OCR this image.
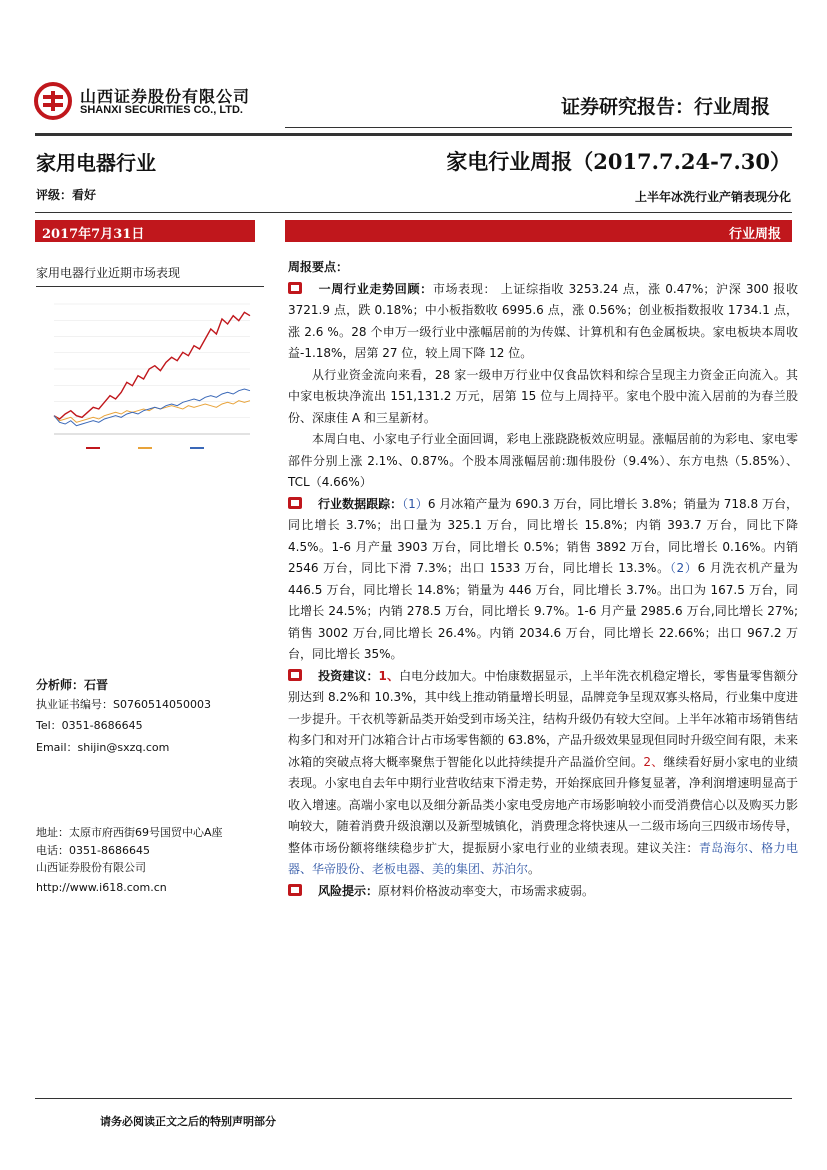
山西证券股份有限公司
SHANXI SECURITIES CO., LTD.	证券研究报告：行业周报
家用电器行业	家电行业周报（2017.7.24-7.30）
评级：看好	上半年冰洗行业产销表现分化
2017年7月31日	行业周报
家用电器行业近期市场表现
分析师：石晋
执业证书编号：S0760514050003
Tel：0351-8686645
Email：shijin@sxzq.com
地址：太原市府西街69号国贸中心A座
电话：0351-8686645
山西证券股份有限公司
http://www.i618.com.cn

周报要点：

一周行业走势回顾：市场表现： 上证综指收 3253.24 点，涨 0.47%；沪深 300 报收 3721.9 点，跌 0.18%；中小板指数收 6995.6 点，涨 0.56%；创业板指数报收 1734.1 点，涨 2.6 %。28 个申万一级行业中涨幅居前的为传媒、计算机和有色金属板块。家电板块本周收益-1.18%，居第 27 位，较上周下降 12 位。

从行业资金流向来看，28 家一级申万行业中仅食品饮料和综合呈现主力资金正向流入。其中家电板块净流出 151,131.2 万元，居第 15 位与上周持平。家电个股中流入居前的为春兰股份、深康佳 A 和三星新材。

本周白电、小家电子行业全面回调，彩电上涨跷跷板效应明显。涨幅居前的为彩电、家电零部件分别上涨 2.1%、0.87%。个股本周涨幅居前:珈伟股份（9.4%）、东方电热（5.85%）、TCL（4.66%）

行业数据跟踪：（1）6 月冰箱产量为 690.3 万台，同比增长 3.8%；销量为 718.8 万台，同比增长 3.7%；出口量为 325.1 万台，同比增长 15.8%；内销 393.7 万台，同比下降 4.5%。1-6 月产量 3903 万台，同比增长 0.5%；销售 3892 万台，同比增长 0.16%。内销 2546 万台，同比下滑 7.3%；出口 1533 万台，同比增长 13.3%。（2）6 月洗衣机产量为 446.5 万台，同比增长 14.8%；销量为 446 万台，同比增长 3.7%。出口为 167.5 万台，同比增长 24.5%；内销 278.5 万台，同比增长 9.7%。1-6 月产量 2985.6 万台,同比增长 27%;销售 3002 万台,同比增长 26.4%。内销 2034.6 万台，同比增长 22.66%；出口 967.2 万台，同比增长 35%。

投资建议：1、白电分歧加大。中怡康数据显示，上半年洗衣机稳定增长，零售量零售额分别达到 8.2%和 10.3%，其中线上推动销量增长明显，品牌竞争呈现双寡头格局，行业集中度进一步提升。干衣机等新品类开始受到市场关注，结构升级仍有较大空间。上半年冰箱市场销售结构多门和对开门冰箱合计占市场零售额的 63.8%，产品升级效果显现但同时升级空间有限，未来冰箱的突破点将大概率聚焦于智能化以此持续提升产品溢价空间。2、继续看好厨小家电的业绩表现。小家电自去年中期行业营收结束下滑走势，开始探底回升修复显著，净利润增速明显高于收入增速。高端小家电以及细分新品类小家电受房地产市场影响较小而受消费信心以及购买力影响较大，随着消费升级浪潮以及新型城镇化，消费理念将快速从一二级市场向三四级市场传导，整体市场份额将继续稳步扩大，提振厨小家电行业的业绩表现。建议关注：青岛海尔、格力电器、华帝股份、老板电器、美的集团、苏泊尔。

风险提示：原材料价格波动率变大，市场需求疲弱。

请务必阅读正文之后的特别声明部分
